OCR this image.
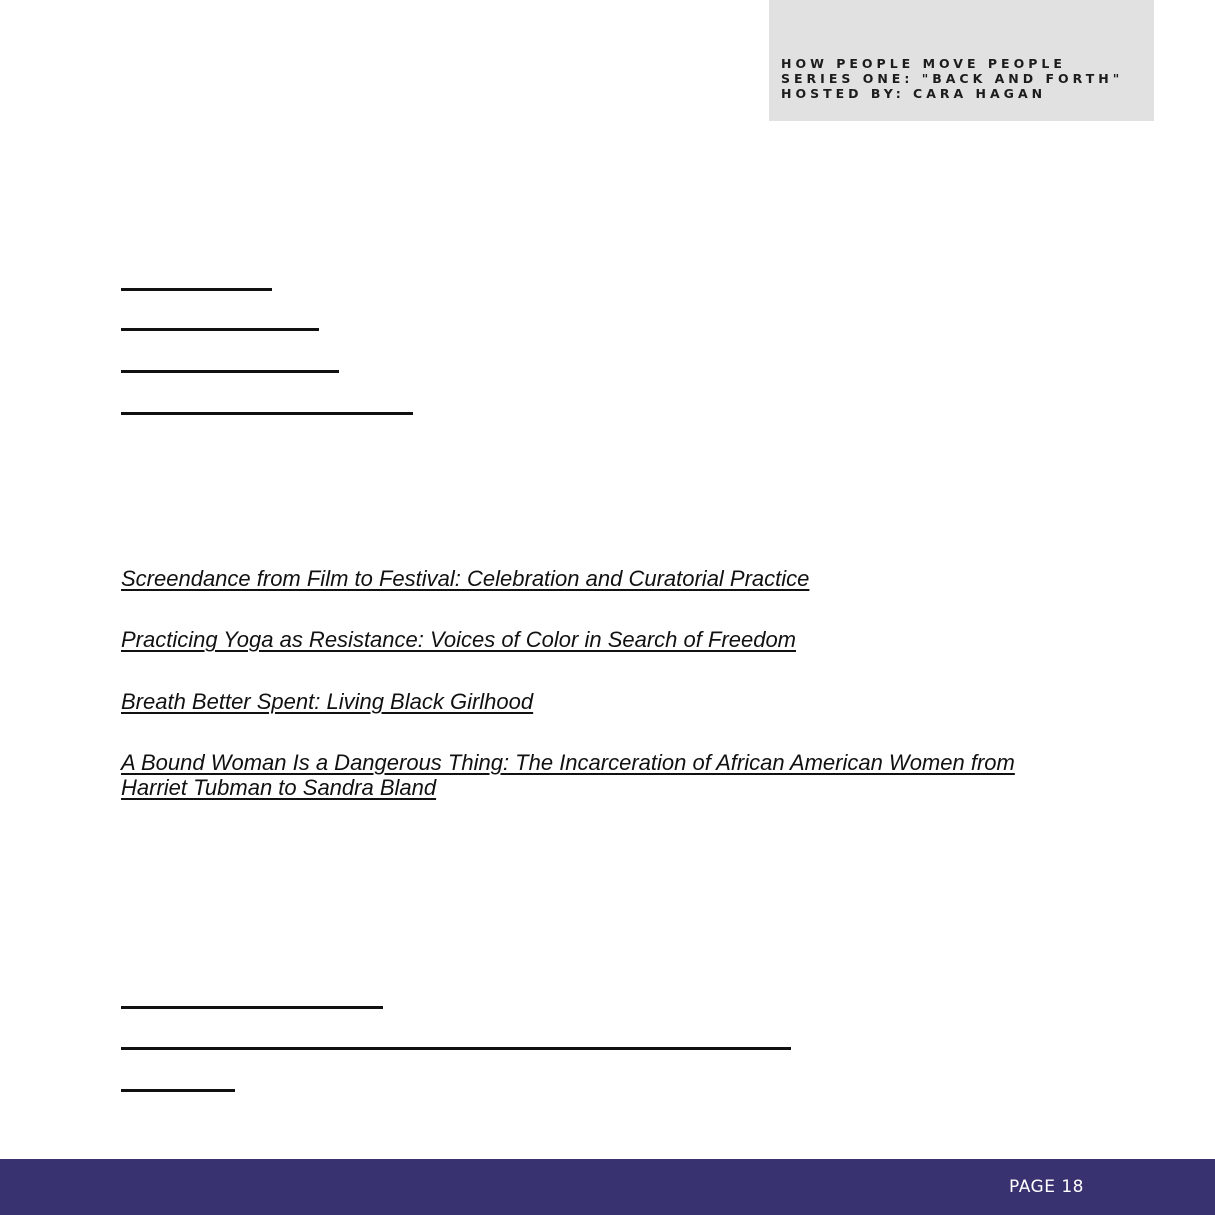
HOW PEOPLE MOVE PEOPLE
SERIES ONE: "BACK AND FORTH"
HOSTED BY: CARA HAGAN
Screendance from Film to Festival: Celebration and Curatorial Practice
Practicing Yoga as Resistance: Voices of Color in Search of Freedom
Breath Better Spent: Living Black Girlhood
A Bound Woman Is a Dangerous Thing: The Incarceration of African American Women from Harriet Tubman to Sandra Bland
PAGE 18
